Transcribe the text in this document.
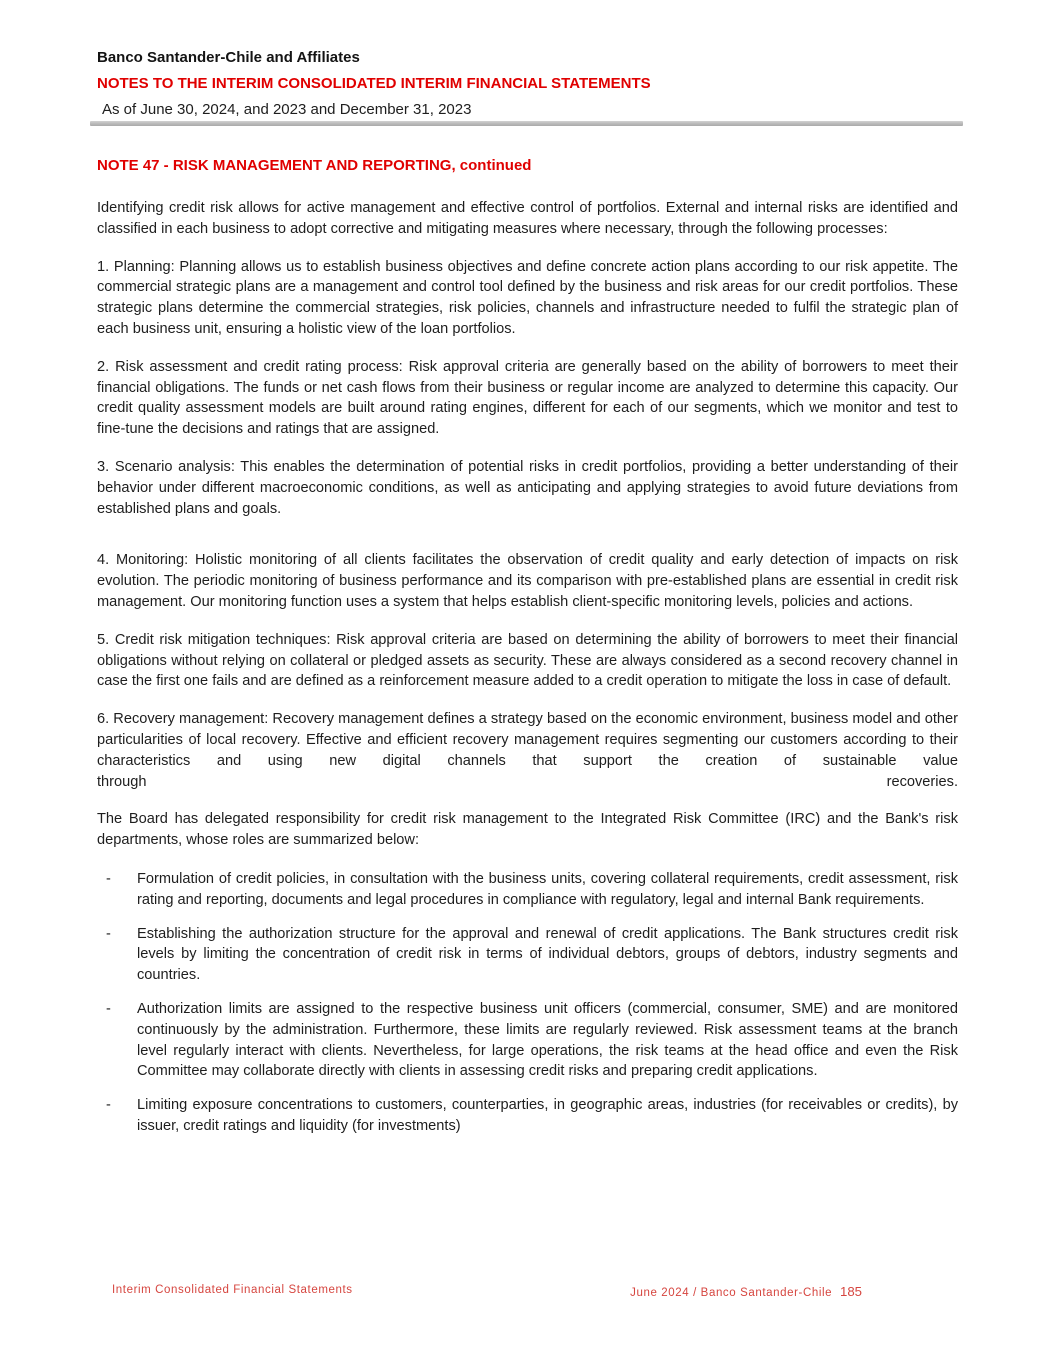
Banco Santander-Chile and Affiliates
NOTES TO THE INTERIM CONSOLIDATED INTERIM FINANCIAL STATEMENTS
As of June 30, 2024, and 2023 and December 31, 2023
NOTE 47 - RISK MANAGEMENT AND REPORTING, continued

Identifying credit risk allows for active management and effective control of portfolios. External and internal risks are identified and classified in each business to adopt corrective and mitigating measures where necessary, through the following processes:

1. Planning: Planning allows us to establish business objectives and define concrete action plans according to our risk appetite. The commercial strategic plans are a management and control tool defined by the business and risk areas for our credit portfolios. These strategic plans determine the commercial strategies, risk policies, channels and infrastructure needed to fulfil the strategic plan of each business unit, ensuring a holistic view of the loan portfolios.

2. Risk assessment and credit rating process: Risk approval criteria are generally based on the ability of borrowers to meet their financial obligations. The funds or net cash flows from their business or regular income are analyzed to determine this capacity. Our credit quality assessment models are built around rating engines, different for each of our segments, which we monitor and test to fine-tune the decisions and ratings that are assigned.

3. Scenario analysis: This enables the determination of potential risks in credit portfolios, providing a better understanding of their behavior under different macroeconomic conditions, as well as anticipating and applying strategies to avoid future deviations from established plans and goals.

4. Monitoring: Holistic monitoring of all clients facilitates the observation of credit quality and early detection of impacts on risk evolution. The periodic monitoring of business performance and its comparison with pre-established plans are essential in credit risk management. Our monitoring function uses a system that helps establish client-specific monitoring levels, policies and actions.

5. Credit risk mitigation techniques: Risk approval criteria are based on determining the ability of borrowers to meet their financial obligations without relying on collateral or pledged assets as security. These are always considered as a second recovery channel in case the first one fails and are defined as a reinforcement measure added to a credit operation to mitigate the loss in case of default.

6. Recovery management: Recovery management defines a strategy based on the economic environment, business model and other particularities of local recovery. Effective and efficient recovery management requires segmenting our customers according to their characteristics and using new digital channels that support the creation of sustainable value
through	recoveries.

The Board has delegated responsibility for credit risk management to the Integrated Risk Committee (IRC) and the Bank's risk departments, whose roles are summarized below:

-	Formulation of credit policies, in consultation with the business units, covering collateral requirements, credit assessment, risk rating and reporting, documents and legal procedures in compliance with regulatory, legal and internal Bank requirements.
-	Establishing the authorization structure for the approval and renewal of credit applications. The Bank structures credit risk levels by limiting the concentration of credit risk in terms of individual debtors, groups of debtors, industry segments and countries.
-	Authorization limits are assigned to the respective business unit officers (commercial, consumer, SME) and are monitored continuously by the administration. Furthermore, these limits are regularly reviewed. Risk assessment teams at the branch level regularly interact with clients. Nevertheless, for large operations, the risk teams at the head office and even the Risk Committee may collaborate directly with clients in assessing credit risks and preparing credit applications.
-	Limiting exposure concentrations to customers, counterparties, in geographic areas, industries (for receivables or credits), by issuer, credit ratings and liquidity (for investments)
Interim Consolidated Financial Statements	June 2024 / Banco Santander-Chile 185
